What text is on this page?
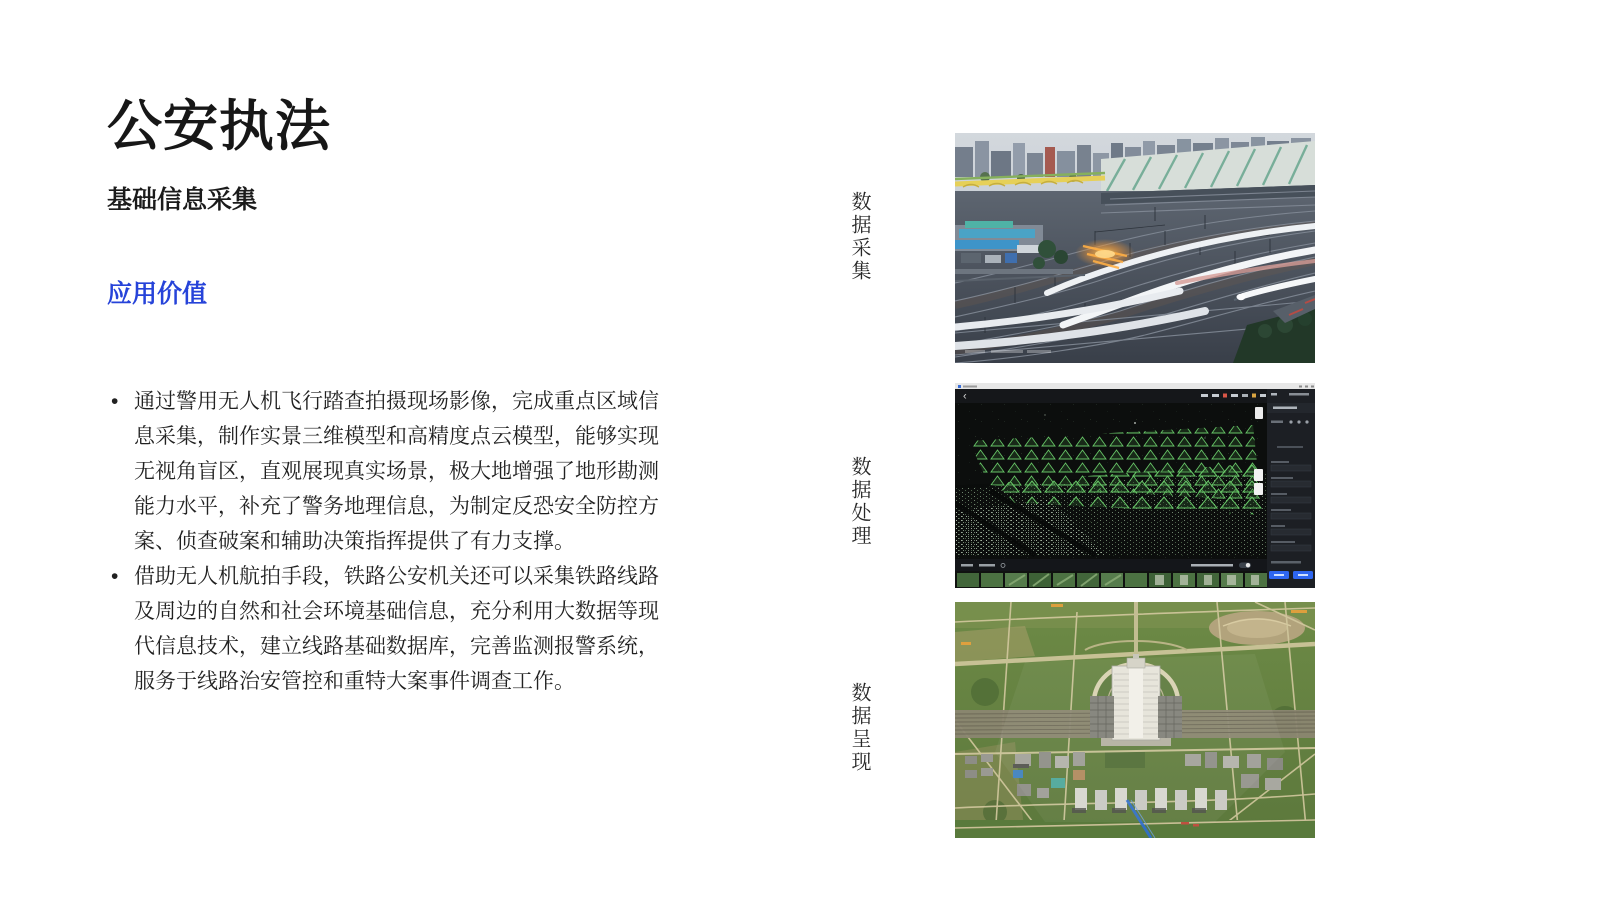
公安执法
基础信息采集
应用价值
• 通过警用无人机飞行踏查拍摄现场影像，完成重点区域信息采集，制作实景三维模型和高精度点云模型，能够实现无视角盲区，直观展现真实场景，极大地增强了地形勘测能力水平，补充了警务地理信息，为制定反恐安全防控方案、侦查破案和辅助决策指挥提供了有力支撑。
• 借助无人机航拍手段，铁路公安机关还可以采集铁路线路及周边的自然和社会环境基础信息，充分利用大数据等现代信息技术，建立线路基础数据库，完善监测报警系统，服务于线路治安管控和重特大案事件调查工作。
数据采集
数据处理
数据呈现
‹
